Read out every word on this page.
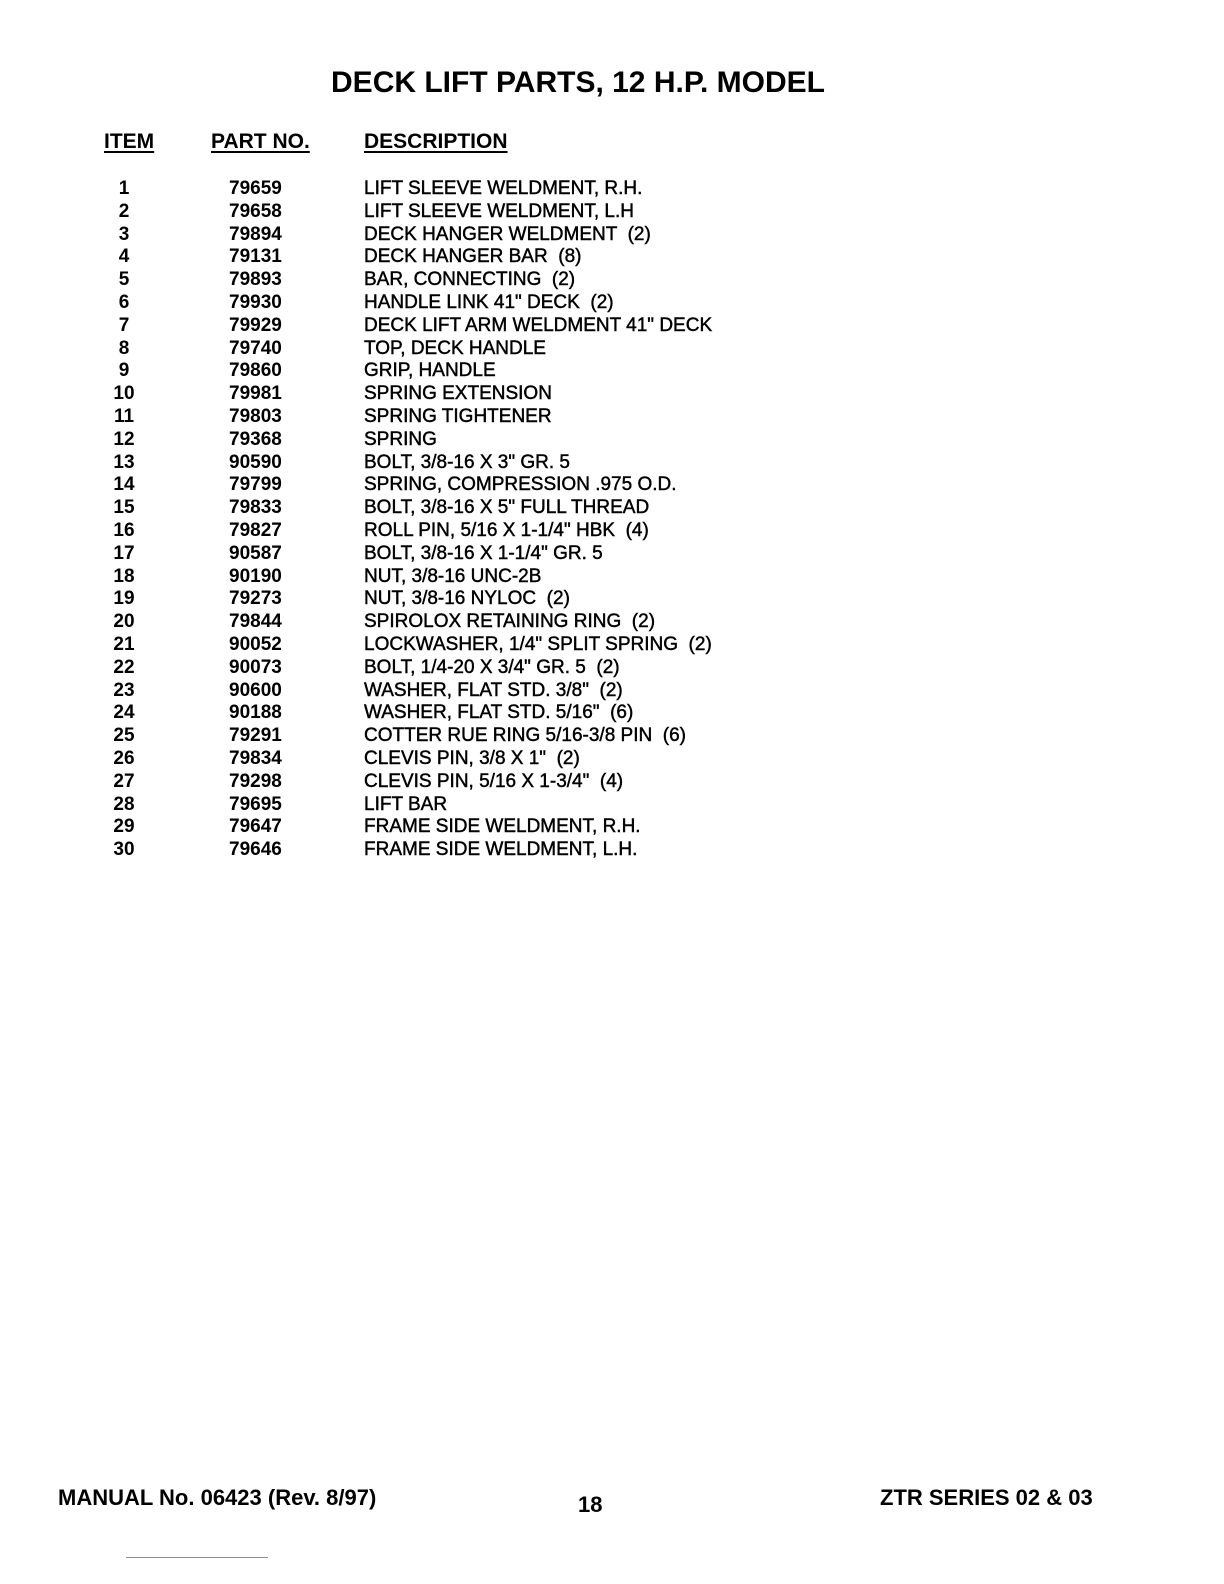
DECK LIFT PARTS, 12 H.P. MODEL
ITEM	PART NO.	DESCRIPTION
1	79659	LIFT SLEEVE WELDMENT, R.H.
2	79658	LIFT SLEEVE WELDMENT, L.H
3	79894	DECK HANGER WELDMENT  (2)
4	79131	DECK HANGER BAR  (8)
5	79893	BAR, CONNECTING  (2)
6	79930	HANDLE LINK 41" DECK  (2)
7	79929	DECK LIFT ARM WELDMENT 41" DECK
8	79740	TOP, DECK HANDLE
9	79860	GRIP, HANDLE
10	79981	SPRING EXTENSION
11	79803	SPRING TIGHTENER
12	79368	SPRING
13	90590	BOLT, 3/8-16 X 3" GR. 5
14	79799	SPRING, COMPRESSION .975 O.D.
15	79833	BOLT, 3/8-16 X 5" FULL THREAD
16	79827	ROLL PIN, 5/16 X 1-1/4" HBK  (4)
17	90587	BOLT, 3/8-16 X 1-1/4" GR. 5
18	90190	NUT, 3/8-16 UNC-2B
19	79273	NUT, 3/8-16 NYLOC  (2)
20	79844	SPIROLOX RETAINING RING  (2)
21	90052	LOCKWASHER, 1/4" SPLIT SPRING  (2)
22	90073	BOLT, 1/4-20 X 3/4" GR. 5  (2)
23	90600	WASHER, FLAT STD. 3/8"  (2)
24	90188	WASHER, FLAT STD. 5/16"  (6)
25	79291	COTTER RUE RING 5/16-3/8 PIN  (6)
26	79834	CLEVIS PIN, 3/8 X 1"  (2)
27	79298	CLEVIS PIN, 5/16 X 1-3/4"  (4)
28	79695	LIFT BAR
29	79647	FRAME SIDE WELDMENT, R.H.
30	79646	FRAME SIDE WELDMENT, L.H.
MANUAL No. 06423 (Rev. 8/97)	18	ZTR SERIES 02 & 03
